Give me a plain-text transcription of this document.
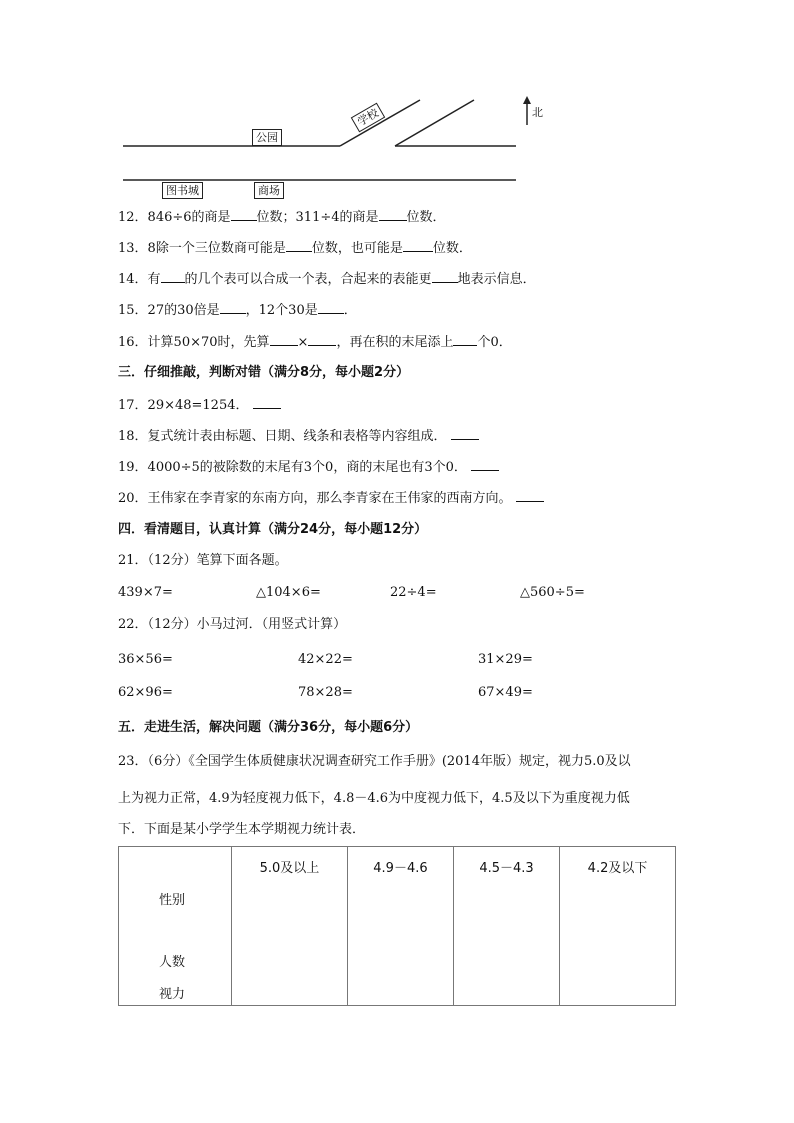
北
学校
公园
图书城	商场
12．846÷6的商是 位数；311÷4的商是 位数．
13．8除一个三位数商可能是 位数，也可能是 位数．
14．有 的几个表可以合成一个表，合起来的表能更 地表示信息．
15．27的30倍是 ，12个30是 ．
16．计算50×70时，先算 × ，再在积的末尾添上 个0．
三．仔细推敲，判断对错（满分8分，每小题2分）
17．29×48=1254．
18．复式统计表由标题、日期、线条和表格等内容组成．
19．4000÷5的被除数的末尾有3个0，商的末尾也有3个0．
20．王伟家在李青家的东南方向，那么李青家在王伟家的西南方向。
四．看清题目，认真计算（满分24分，每小题12分）
21．（12分）笔算下面各题。
439×7=	△104×6=	22÷4=	△560÷5=
22．（12分）小马过河．（用竖式计算）
36×56=	42×22=	31×29=
62×96=	78×28=	67×49=
五．走进生活，解决问题（满分36分，每小题6分）
23．（6分）《全国学生体质健康状况调查研究工作手册》(2014年版）规定，视力5.0及以
上为视力正常，4.9为轻度视力低下，4.8－4.6为中度视力低下，4.5及以下为重度视力低
下．下面是某小学学生本学期视力统计表．
性别
人数
视力
	5.0及以上	4.9－4.6	4.5－4.3	4.2及以下
